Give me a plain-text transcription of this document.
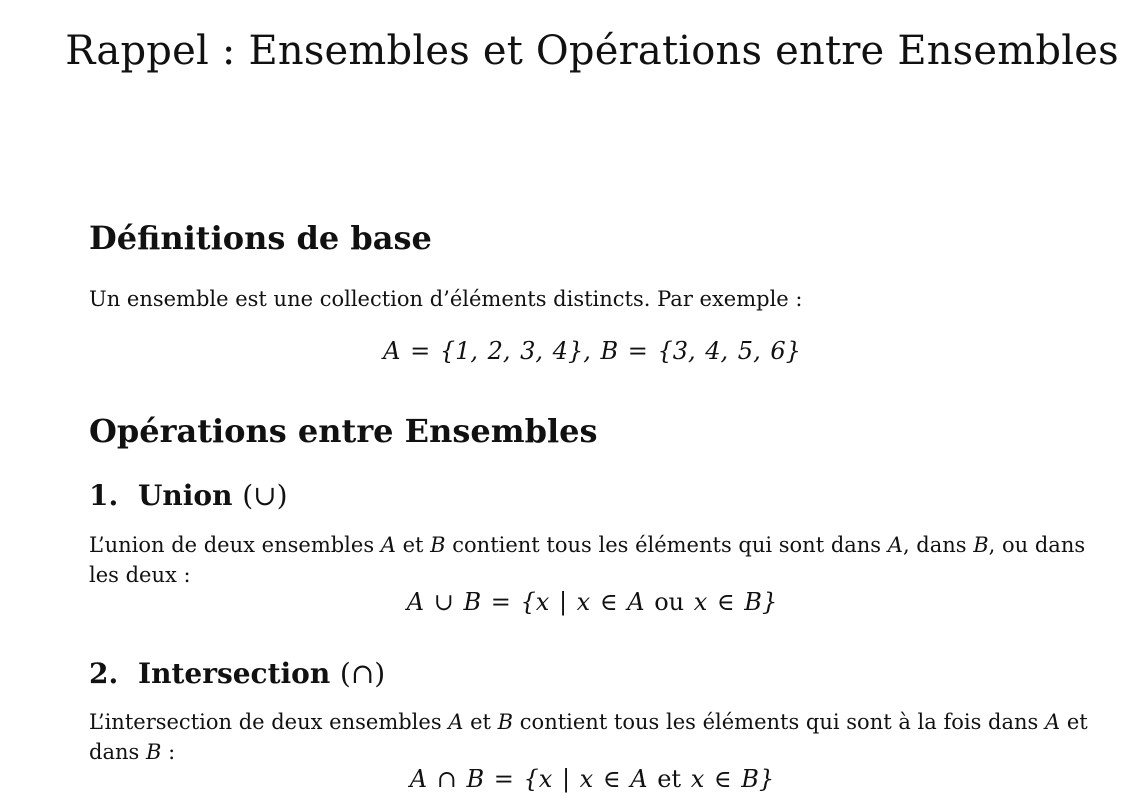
Rappel : Ensembles et Opérations entre Ensembles
Définitions de base

Un ensemble est une collection d’éléments distincts. Par exemple :

A = {1, 2, 3, 4}, B = {3, 4, 5, 6}

Opérations entre Ensembles
1. Union (∪)

L’union de deux ensembles A et B contient tous les éléments qui sont dans A, dans B, ou dans les deux :

A ∪ B = {x | x ∈ A ou x ∈ B}

2. Intersection (∩)

L’intersection de deux ensembles A et B contient tous les éléments qui sont à la fois dans A et dans B :

A ∩ B = {x | x ∈ A et x ∈ B}
